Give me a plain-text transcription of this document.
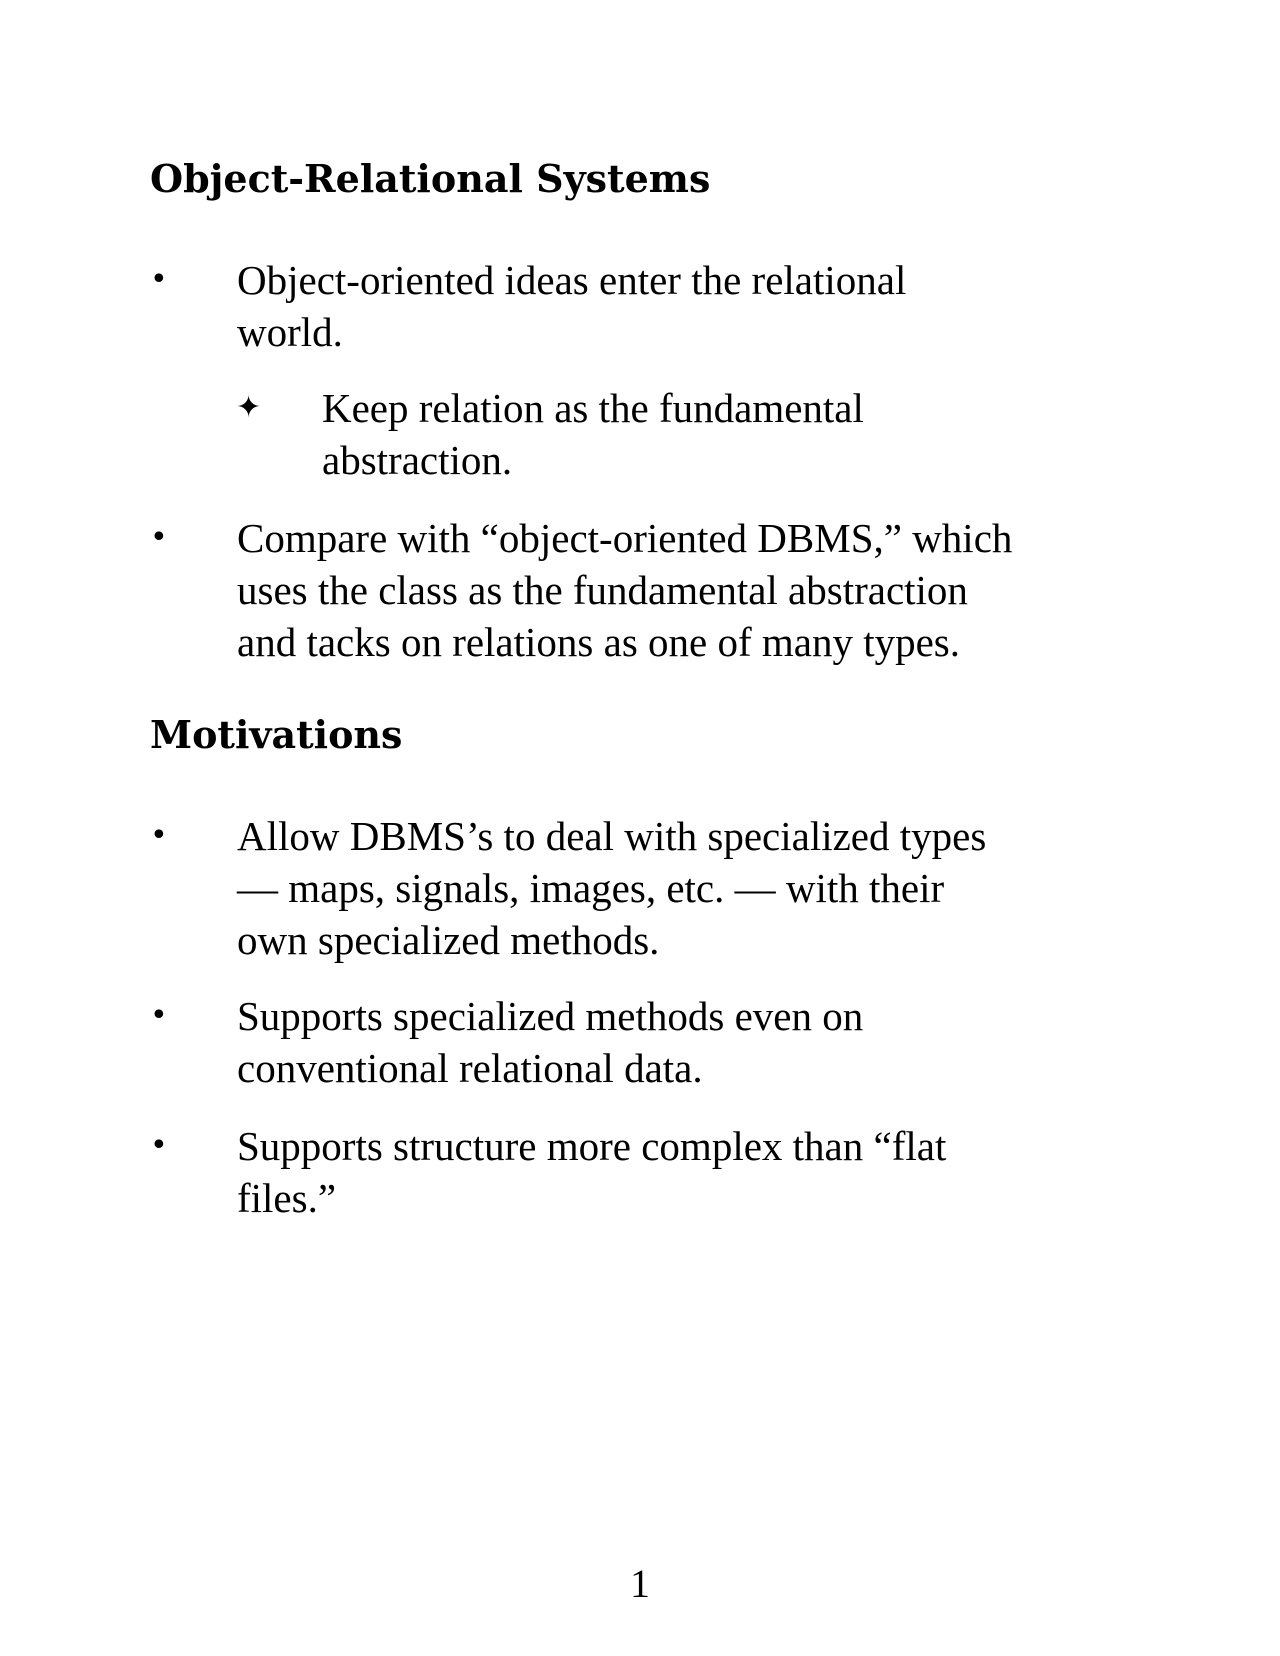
Object-Relational Systems
• Object-oriented ideas enter the relational
world.
✦ Keep relation as the fundamental
abstraction.
• Compare with “object-oriented DBMS,” which
uses the class as the fundamental abstraction
and tacks on relations as one of many types.
Motivations
• Allow DBMS’s to deal with specialized types
— maps, signals, images, etc. — with their
own specialized methods.
• Supports specialized methods even on
conventional relational data.
• Supports structure more complex than “flat
files.”
1
